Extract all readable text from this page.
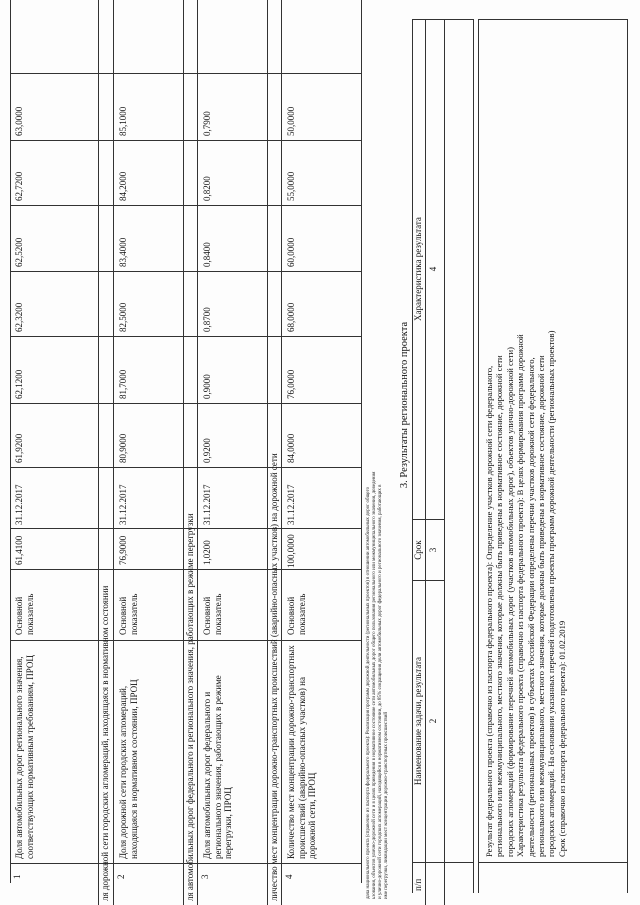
1
Доля автомобильных дорог регионального значения, соответствующих нормативным требованиям, ПРОЦ
Основной показатель
61,4100
31.12.2017
61,9200
62,1200
62,3200
62,5200
62,7200
63,0000
ля дорожной сети городских агломераций, находящаяся в нормативном состоянии 2
Доля дорожной сети городских агломераций, находящаяся в нормативном состоянии, ПРОЦ
Основной показатель
76,9000
31.12.2017
80,9000
81,7000
82,5000
83,4000
84,2000
85,1000
ля автомобильных дорог федерального и регионального значения, работающих в режиме перегрузки 3
Доля автомобильных дорог федерального и регионального значения, работающих в режиме перегрузки, ПРОЦ
Основной показатель
1,0200
31.12.2017
0,9200
0,9000
0,8700
0,8400
0,8200
0,7900
личество мест концентрации дорожно-транспортных происшествий (аварийно-опасных участков) на дорожной сети 4
Количество мест концентрации дорожно-транспортных происшествий (аварийно-опасных участков) на дорожной сети, ПРОЦ
Основной показатель
100,0000
31.12.2017
84,0000
76,0000
68,0000
60,0000
55,0000
50,0000
дача национального проекта (справочно из паспорта федерального проекта): Реализация программ дорожной деятельности (региональных проектов) в отношении автомобильных дорог общего ьзования, объектов улично-дорожной сети и в целях приведения в нормативное состояние сети автомобильных дорог общего пользования регионального или межмуниципального значения, доведения и улично-дорожной сети городских агломераций, находящейся в нормативном состоянии, до 85% сокращения доли автомобильных дорог федерального и регионального значения, работающих в име перегрузки, ликвидации мест концентрации дорожно-транспортных происшествий
3. Результаты регионального проекта
п/п
Наименование задачи, результата
Срок
Характеристика результата
2
3
4
Результат федерального проекта (справочно из паспорта федерального проекта): Определение участков дорожной сети федерального, регионального или межмуниципального, местного значения, которые должны быть приведены в нормативное состояние, дорожной сети городских агломераций (формирование перечней автомобильных дорог (участков автомобильных дорог), объектов улично-дорожной сети) Характеристика результата федерального проекта (справочно из паспорта федерального проекта): В целях формирования программ дорожной деятельности (региональных проектов) в субъектах Российской Федерации определены перечни участков дорожной сети федерального, регионального или межмуниципального, местного значения, которые должны быть приведены в нормативное состояние, дорожной сети городских агломераций. На основании указанных перечней подготовлены проекты программ дорожной деятельности (региональных проектов) Срок (справочно из паспорта федерального проекта): 01.02.2019
